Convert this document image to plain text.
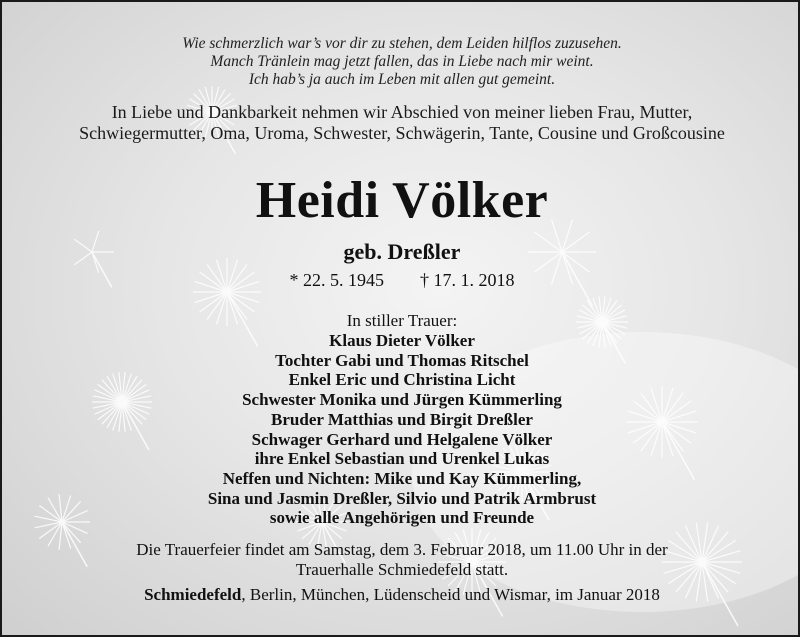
Wie schmerzlich war’s vor dir zu stehen, dem Leiden hilflos zuzusehen.
Manch Tränlein mag jetzt fallen, das in Liebe nach mir weint.
Ich hab’s ja auch im Leben mit allen gut gemeint.
In Liebe und Dankbarkeit nehmen wir Abschied von meiner lieben Frau, Mutter,
Schwiegermutter, Oma, Uroma, Schwester, Schwägerin, Tante, Cousine und Großcousine
Heidi Völker
geb. Dreßler
* 22. 5. 1945 † 17. 1. 2018
In stiller Trauer:
Klaus Dieter Völker
Tochter Gabi und Thomas Ritschel
Enkel Eric und Christina Licht
Schwester Monika und Jürgen Kümmerling
Bruder Matthias und Birgit Dreßler
Schwager Gerhard und Helgalene Völker
ihre Enkel Sebastian und Urenkel Lukas
Neffen und Nichten: Mike und Kay Kümmerling,
Sina und Jasmin Dreßler, Silvio und Patrik Armbrust
sowie alle Angehörigen und Freunde
Die Trauerfeier findet am Samstag, dem 3. Februar 2018, um 11.00 Uhr in der
Trauerhalle Schmiedefeld statt.
Schmiedefeld, Berlin, München, Lüdenscheid und Wismar, im Januar 2018
